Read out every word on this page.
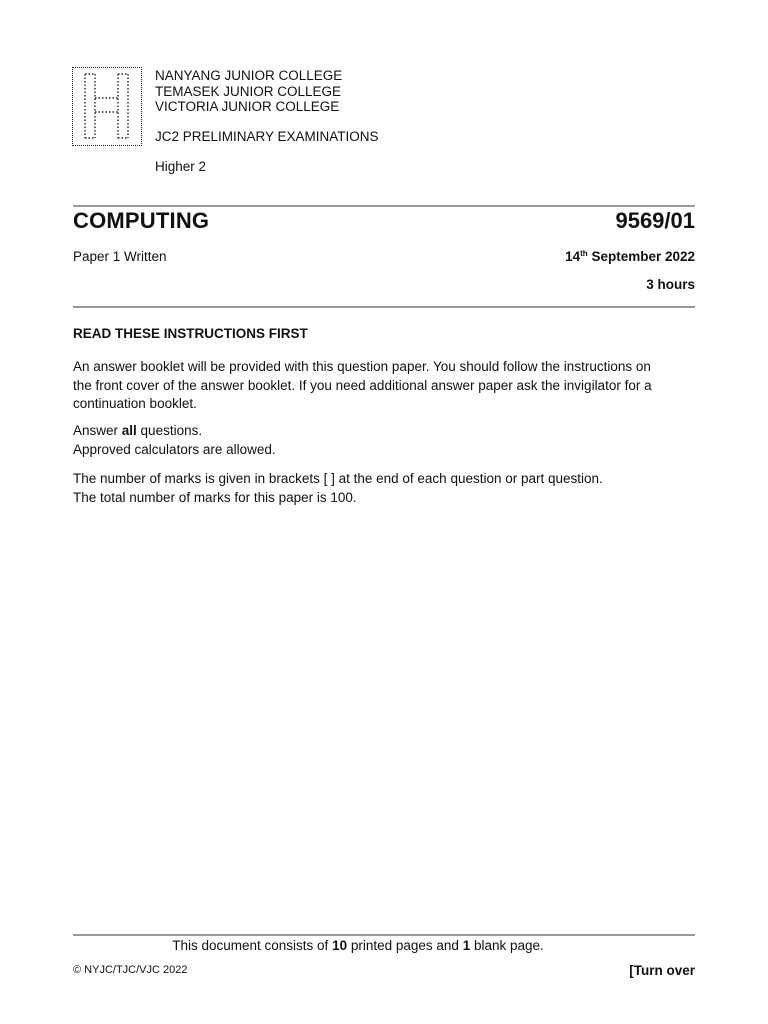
NANYANG JUNIOR COLLEGE
TEMASEK JUNIOR COLLEGE
VICTORIA JUNIOR COLLEGE
JC2 PRELIMINARY EXAMINATIONS
Higher 2
COMPUTING	9569/01
Paper 1 Written	14th September 2022
3 hours
READ THESE INSTRUCTIONS FIRST
An answer booklet will be provided with this question paper. You should follow the instructions on
the front cover of the answer booklet. If you need additional answer paper ask the invigilator for a
continuation booklet.
Answer all questions.
Approved calculators are allowed.
The number of marks is given in brackets [ ] at the end of each question or part question.
The total number of marks for this paper is 100.
This document consists of 10 printed pages and 1 blank page.
© NYJC/TJC/VJC 2022	[Turn over
